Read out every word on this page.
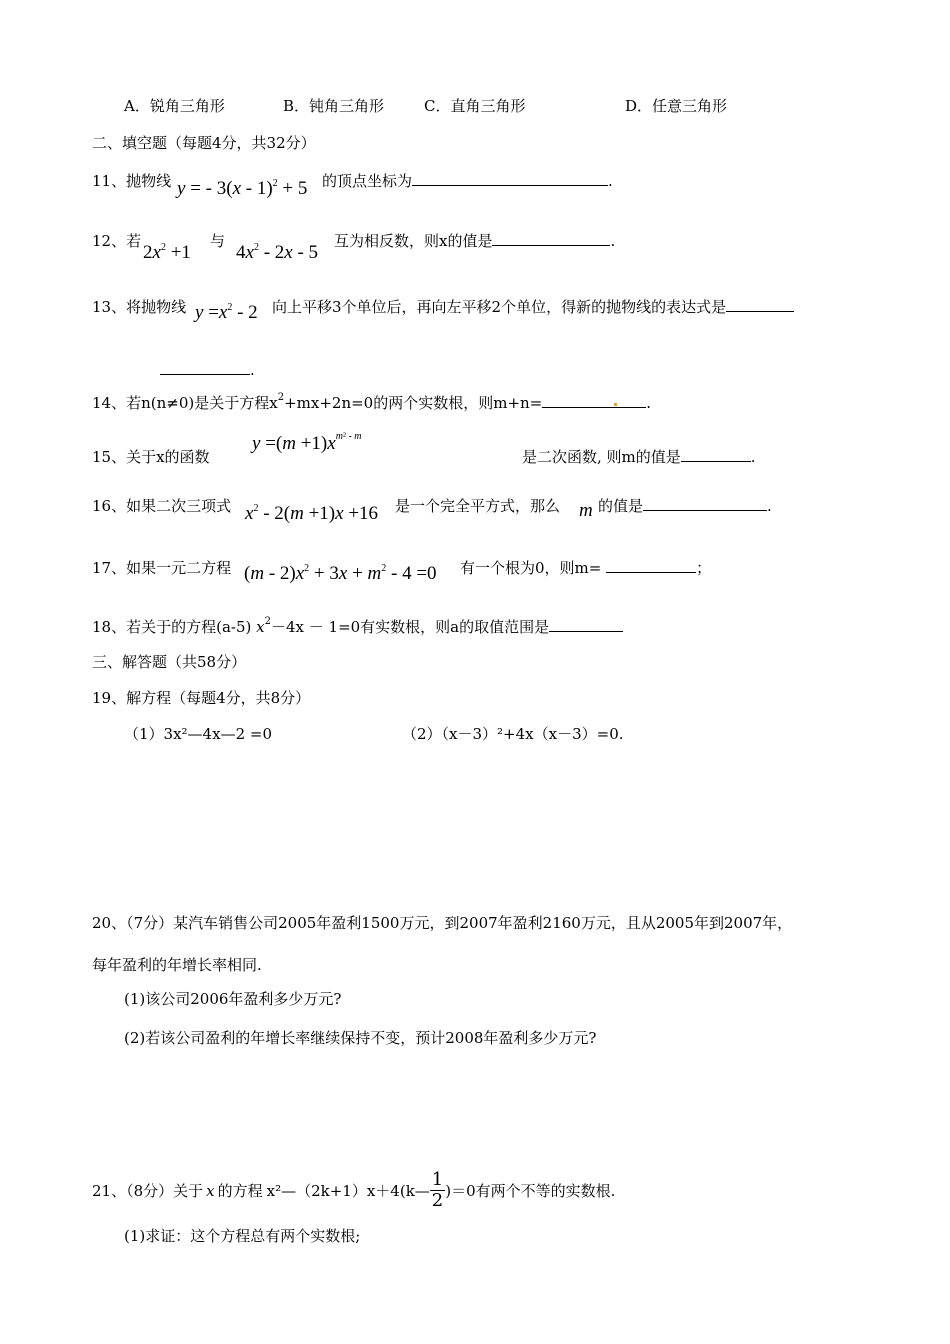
A．锐角三角形	B．钝角三角形	C．直角三角形	D．任意三角形
二、填空题（每题4分，共32分）
11、抛物线 y = - 3(x - 1)$^2$ + 5 的顶点坐标为	.
12、若
$2x^2 +1$
与
$4x^2 - 2x - 5$
互为相反数，则x的值是	.
13、将抛物线 $y =x^2 - 2$ 向上平移3个单位后，再向左平移2个单位，得新的抛物线的表达式是
.
14、若n(n≠0)是关于方程$x^2+mx+2n=0$的两个实数根，则m+n=	.
15、关于x的函数
$y =(m +1)x^{m^2 - m}$
是二次函数, 则m的值是	.
16、如果二次三项式 $x^2 - 2(m +1)x +16$ 是一个完全平方式，那么 m 的值是	.
17、如果一元二方程 $(m - 2)x^2 + 3x + m^2 - 4 =0$ 有一个根为0，则m=	；
18、若关于的方程(a-5) $x^2-4x - 1=0$有实数根，则a的取值范围是
三、解答题（共58分）
19、解方程（每题4分，共8分）
（1）3x²—4x—2 =0	（2）（x－3）²+4x（x－3）=0.
20、（7分）某汽车销售公司2005年盈利1500万元，到2007年盈利2160万元，且从2005年到2007年，
每年盈利的年增长率相同.
(1)该公司2006年盈利多少万元?
(2)若该公司盈利的年增长率继续保持不变，预计2008年盈利多少万元?
21、（8分）关于 x 的方程 x²—（2k+1）x＋4(k— $\frac{1}{2} )=0$有两个不等的实数根.
(1)求证：这个方程总有两个实数根;
